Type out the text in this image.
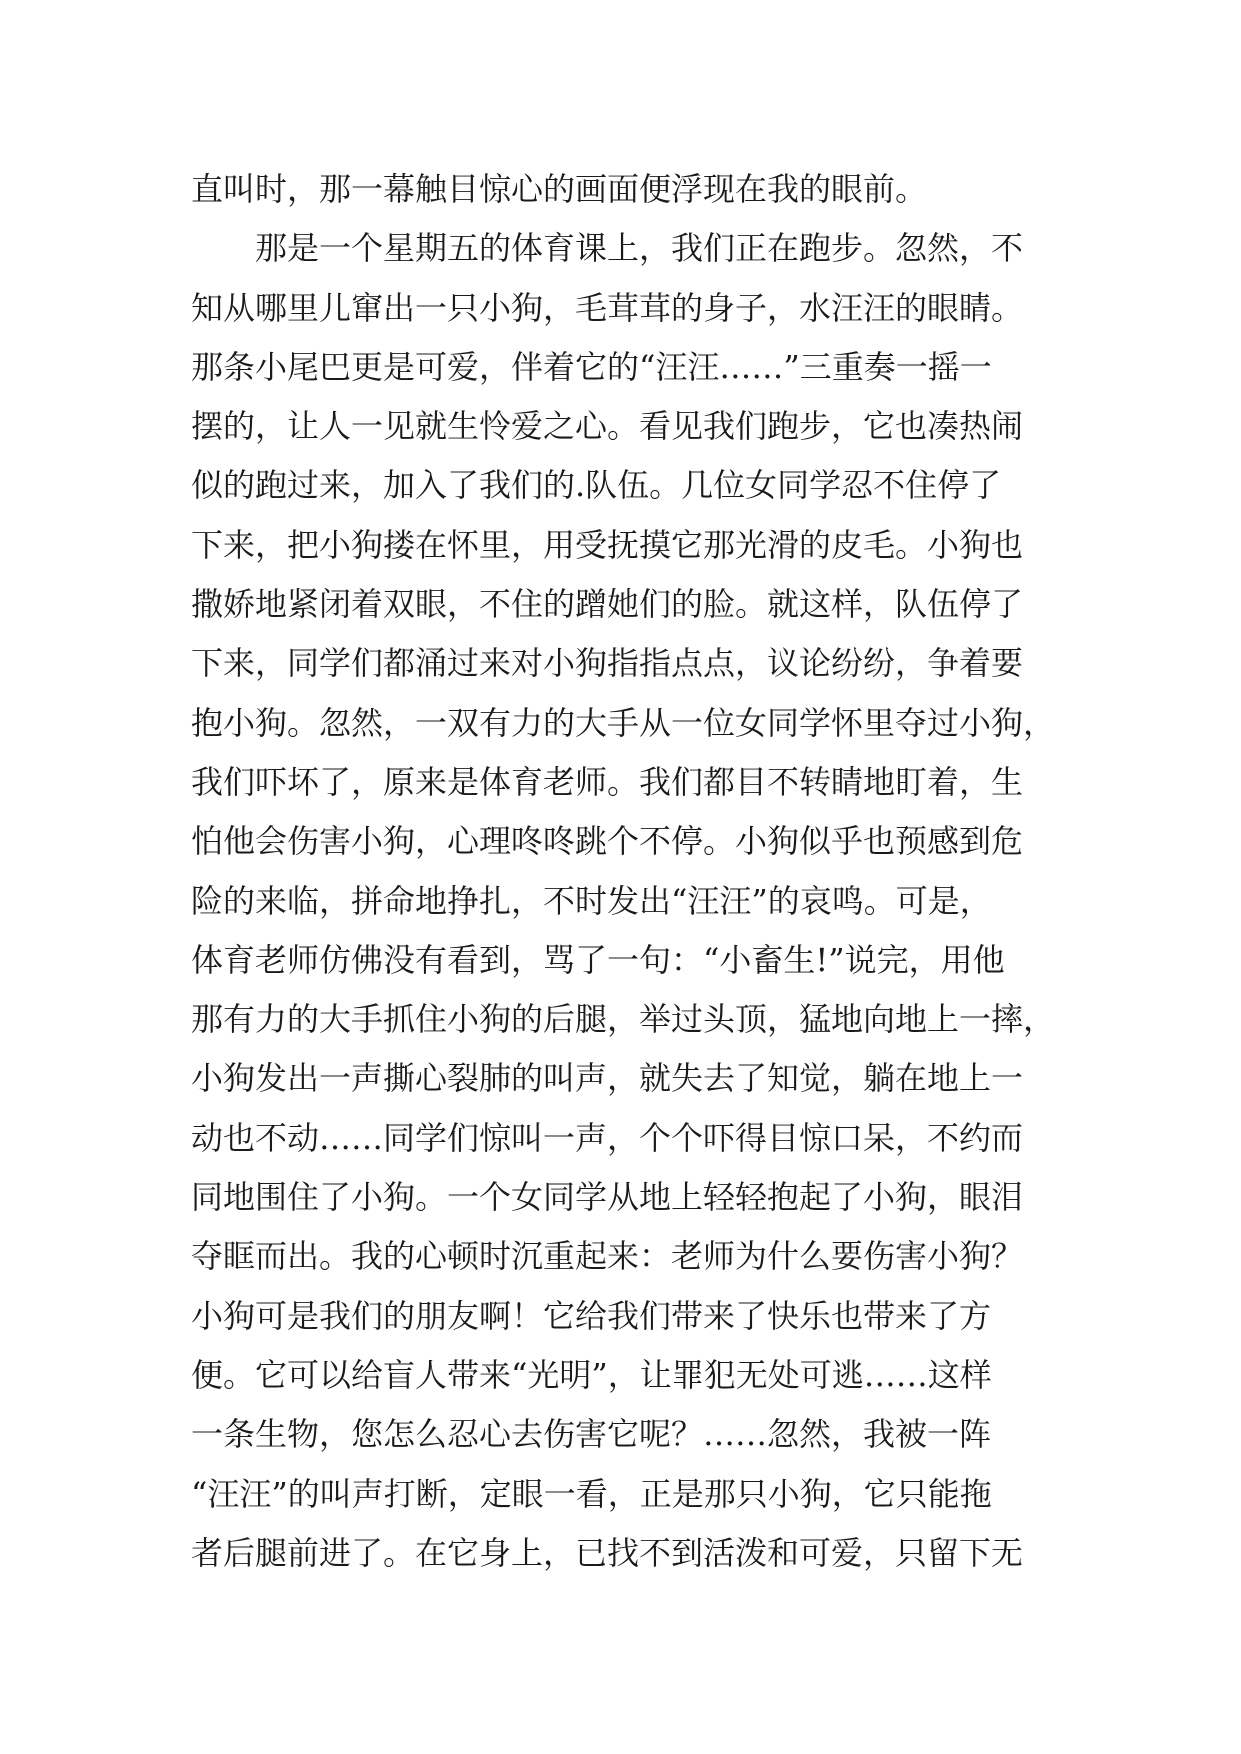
直叫时，那一幕触目惊心的画面便浮现在我的眼前。
　　那是一个星期五的体育课上，我们正在跑步。忽然，不
知从哪里儿窜出一只小狗，毛茸茸的身子，水汪汪的眼睛。
那条小尾巴更是可爱，伴着它的“汪汪……”三重奏一摇一
摆的，让人一见就生怜爱之心。看见我们跑步，它也凑热闹
似的跑过来，加入了我们的.队伍。几位女同学忍不住停了
下来，把小狗搂在怀里，用受抚摸它那光滑的皮毛。小狗也
撒娇地紧闭着双眼，不住的蹭她们的脸。就这样，队伍停了
下来，同学们都涌过来对小狗指指点点，议论纷纷，争着要
抱小狗。忽然，一双有力的大手从一位女同学怀里夺过小狗，
我们吓坏了，原来是体育老师。我们都目不转睛地盯着，生
怕他会伤害小狗，心理咚咚跳个不停。小狗似乎也预感到危
险的来临，拼命地挣扎，不时发出“汪汪”的哀鸣。可是，
体育老师仿佛没有看到，骂了一句：“小畜生!”说完，用他
那有力的大手抓住小狗的后腿，举过头顶，猛地向地上一摔，
小狗发出一声撕心裂肺的叫声，就失去了知觉，躺在地上一
动也不动……同学们惊叫一声，个个吓得目惊口呆，不约而
同地围住了小狗。一个女同学从地上轻轻抱起了小狗，眼泪
夺眶而出。我的心顿时沉重起来：老师为什么要伤害小狗？
小狗可是我们的朋友啊！它给我们带来了快乐也带来了方
便。它可以给盲人带来“光明”，让罪犯无处可逃……这样
一条生物，您怎么忍心去伤害它呢？……忽然，我被一阵
“汪汪”的叫声打断，定眼一看，正是那只小狗，它只能拖
者后腿前进了。在它身上，已找不到活泼和可爱，只留下无
